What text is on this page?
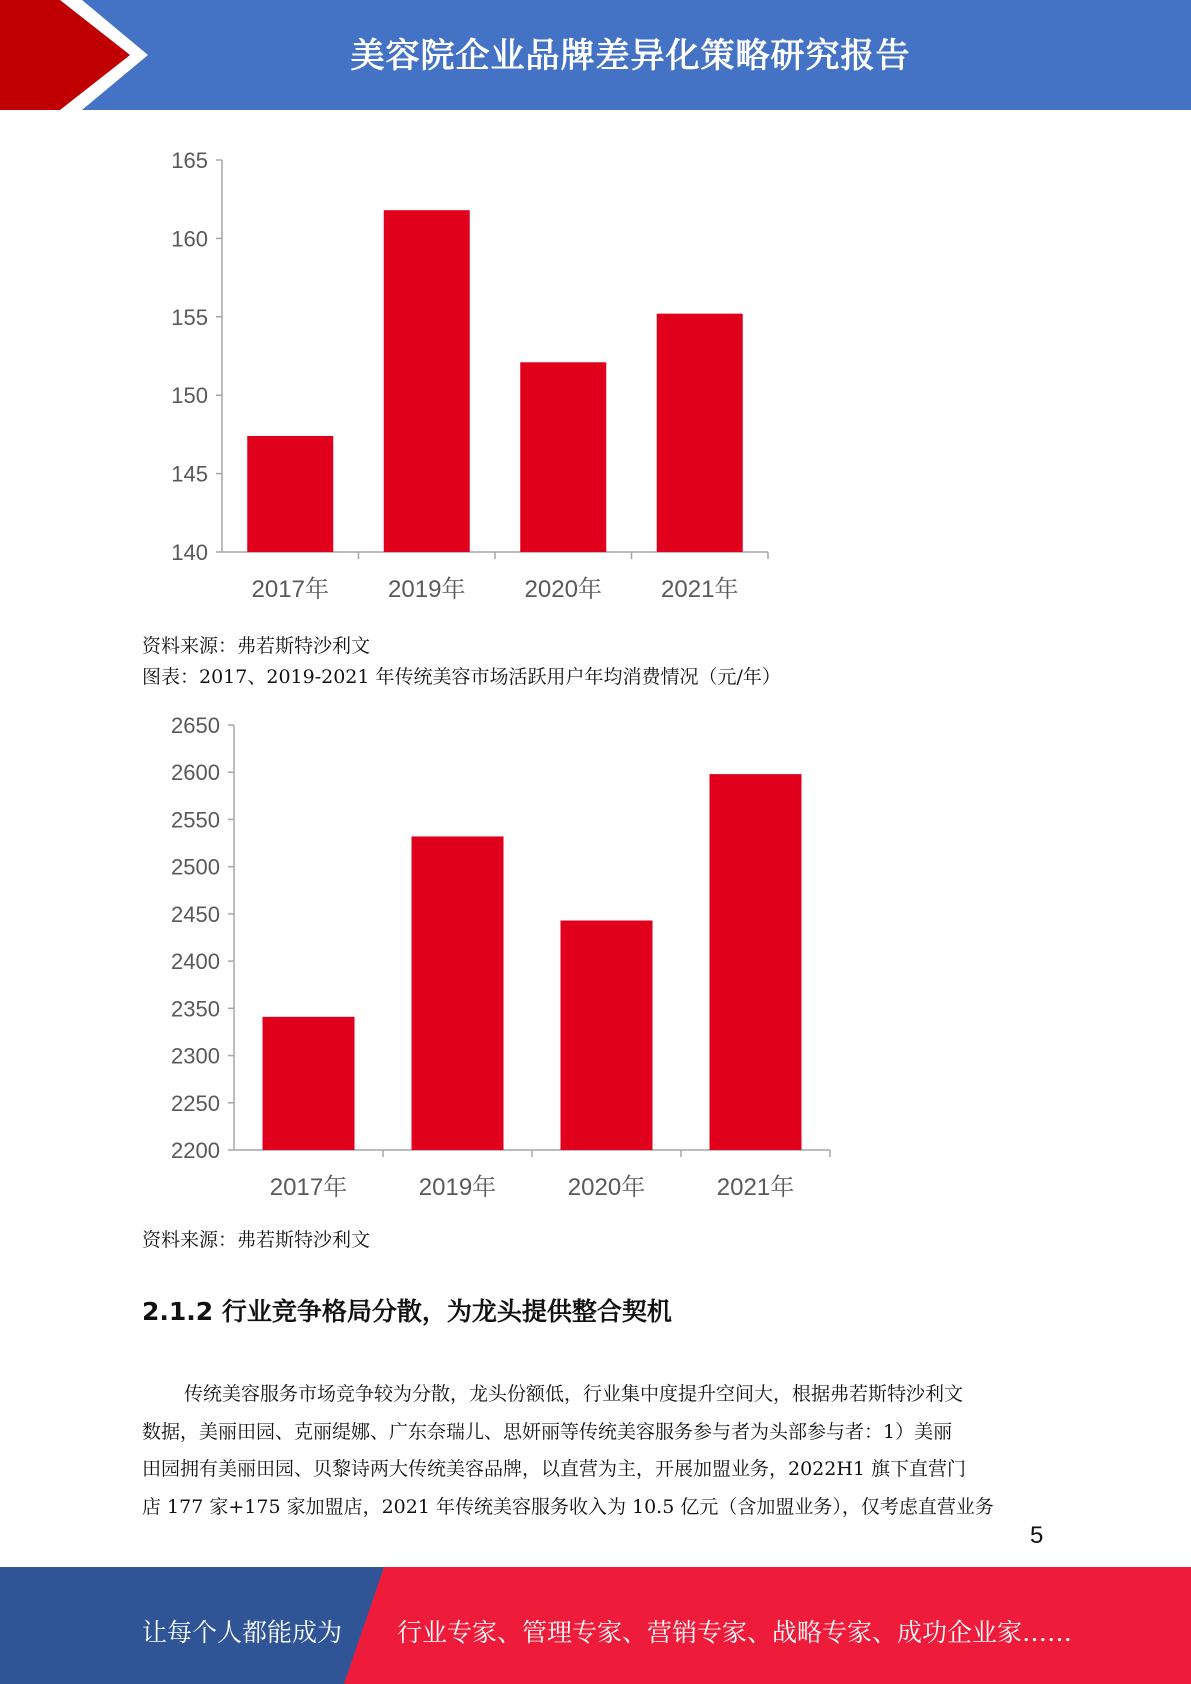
美容院企业品牌差异化策略研究报告
140
145
150
155
160
165
2017年 2019年 2020年 2021年
资料来源：弗若斯特沙利文
图表：2017、2019-2021 年传统美容市场活跃用户年均消费情况（元/年）
2200
2250
2300
2350
2400
2450
2500
2550
2600
2650
2017年	2019年	2020年	2021年
资料来源：弗若斯特沙利文
2.1.2 行业竞争格局分散，为龙头提供整合契机
传统美容服务市场竞争较为分散，龙头份额低，行业集中度提升空间大，根据弗若斯特沙利文
数据，美丽田园、克丽缇娜、广东奈瑞儿、思妍丽等传统美容服务参与者为头部参与者：1）美丽
田园拥有美丽田园、贝黎诗两大传统美容品牌，以直营为主，开展加盟业务，2022H1 旗下直营门
店 177 家+175 家加盟店，2021 年传统美容服务收入为 10.5 亿元（含加盟业务），仅考虑直营业务
5
让每个人都能成为 行业专家、管理专家、营销专家、战略专家、成功企业家……
